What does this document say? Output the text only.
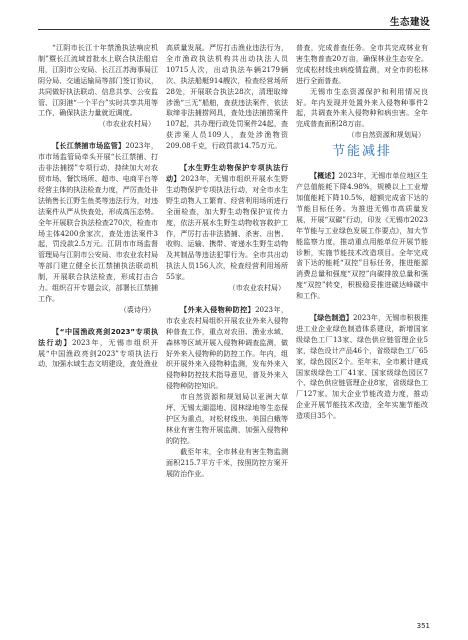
生态建设

“江阴市长江十年禁渔执法响应机制”暨长江流域首批水上联合执法船启用，江阴市公安局、长江江苏海事局江阴分局、交通运输局等部门签订协议，共同做好执法联动、信息共享、公安监管、江阴港“一个平台”实时共享共用等工作，确保执法力量就近调度。

（市农业农村局）

【长江禁捕市场监管】2023年，市市场监管局牵头开展“长江禁捕、打击非法捕捞”专项行动，持续加大对农贸市场、餐饮场所、超市、电商平台等经营主体的执法检查力度，严厉查处非法销售长江野生鱼类等违法行为，对违法案件从严从快查处，形成高压态势。全年开展联合执法检查270次，检查市场主体4200余家次，查处违法案件3起，罚没款2.5万元。江阴市市场监督管理局与江阴市公安局、市农业农村局等部门建立健全长江禁捕执法联动机制，开展联合执法检查，形成打击合力。组织召开专题会议，部署长江禁捕工作。

（裘诗丹）

【“中国渔政亮剑2023”专项执法行动】2023年，无锡市组织开展“中国渔政亮剑2023”专项执法行动，加强水域生态文明建设，查处渔业

高质量发展。严厉打击渔业违法行为，全市渔政执法机构共出动执法人员10715人次，出动执法车辆2179辆次、执法船艇914艘次，检查经营场所28处，开展联合执法28次，清理取缔涉渔“三无”船舶，查获违法案件，依法取缔非法捕捞网具，查处违法捕捞案件107起，共办理行政处罚案件24起，查获涉案人员109人，查处涉渔物资209.08千克，行政罚款14.75万元。

【水生野生动物保护专项执法行动】2023年，无锡市组织开展水生野生动物保护专项执法行动，对全市水生野生动物人工繁育、经营利用场所进行全面检查，加大野生动物保护宣传力度，依法开展水生野生动物收容救护工作，严厉打击非法猎捕、杀害、出售、收购、运输、携带、寄递水生野生动物及其制品等违法犯罪行为。全市共出动执法人员156人次，检查经营利用场所55家。

（市农业农村局）

【外来入侵物种防控】2023年，市农业农村局组织开展农业外来入侵物种普查工作，重点对农田、渔业水域、森林等区域开展入侵物种调查监测，做好外来入侵物种的防控工作。年内，组织开展外来入侵物种监测，发布外来入侵物种防控技术指导意见，普及外来入侵物种防控知识。

市自然资源和规划局以亚洲大草坪、无锡太湖湿地、园林绿地等生态保护区为重点，对松材线虫、美国白蛾等林业有害生物开展监测，加强入侵物种的防控。

截至年末，全市林业有害生物监测面积215.7平方千米，按照防控方案开展防治作业。

普查，完成普查任务。全市共完成林业有害生物普查20万亩，确保林业生态安全。完成松材线虫病疫情监测，对全市的松林进行全面普查。

无锡市生态资源保护和利用情况良好。年内发现并处置外来入侵物种事件2起，共调查外来入侵物种和病虫害。全年完成普查面积28万亩。

（市自然资源和规划局）

节能减排

【概述】2023年，无锡市单位地区生产总值能耗下降4.98%，规模以上工业增加值能耗下降10.5%，超额完成省下达的节能目标任务。为推进无锡市高质量发展，开展“双碳”行动，印发《无锡市2023年节能与工业绿色发展工作要点》，加大节能监察力度，推动重点用能单位开展节能诊断，实施节能技术改造项目。全年完成省下达的能耗“双控”目标任务，推进能源消费总量和强度“双控”向碳排放总量和强度“双控”转变，积极稳妥推进碳达峰碳中和工作。

【绿色制造】2023年，无锡市积极推进工业企业绿色制造体系建设，新增国家级绿色工厂13家、绿色供应链管理企业5家，绿色设计产品46个，省级绿色工厂65家，绿色园区2个。至年末，全市累计建成国家级绿色工厂41家、国家级绿色园区7个、绿色供应链管理企业8家，省级绿色工厂127家。加大企业节能改造力度，推动企业开展节能技术改造，全年实施节能改造项目35个。

351
